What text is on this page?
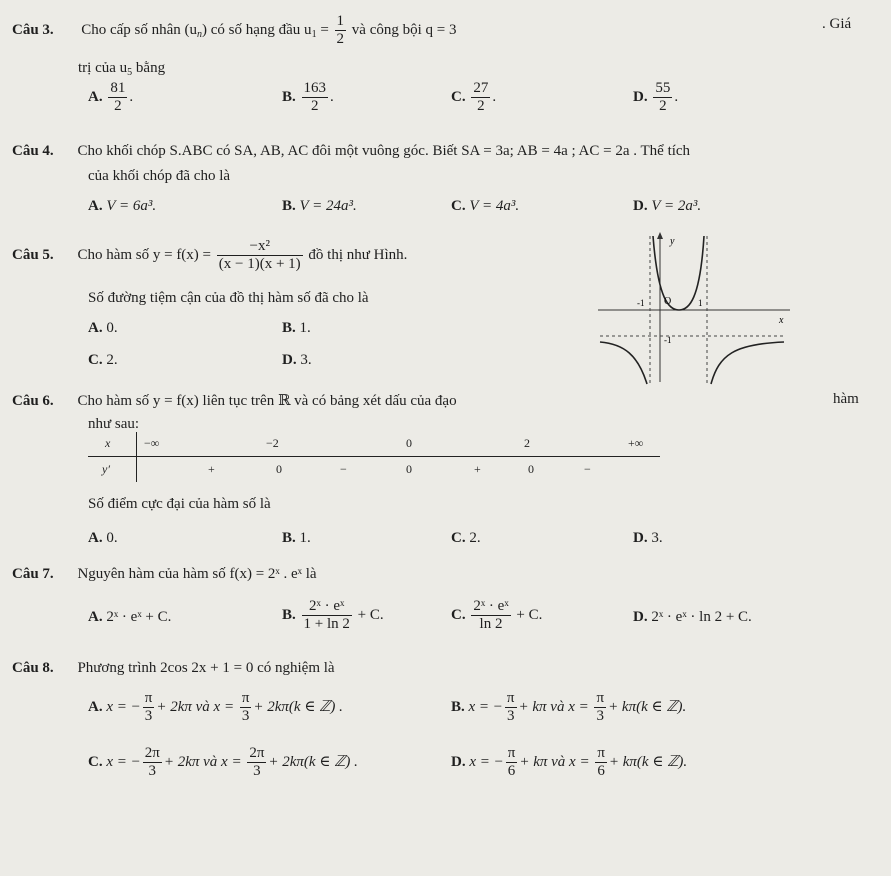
Câu 3. Cho cấp số nhân $(u_n)$ có số hạng đầu $u_1 = \frac{1}{2}$ và công bội q = 3	. Giá
trị của $u_5$ bằng
A. $\frac{81}{2}$ .	B. $\frac{163}{2}$ .	C. $\frac{27}{2}$ .	D. $\frac{55}{2}$ .
Câu 4. Cho khối chóp S.ABC có SA, AB, AC đôi một vuông góc. Biết SA = 3a; AB = 4a ; AC = 2a . Thể tích
của khối chóp đã cho là
A. V = 6a³.	B. V = 24a³.	C. V = 4a³.	D. V = 2a³.
Câu 5. Cho hàm số $y = f(x) = \frac{\text{−x²}}{(x - 1)(x + 1)}$ đồ thị như Hình.
Số đường tiệm cận của đồ thị hàm số đã cho là
A. 0.	B. 1.
C. 2.	D. 3.
y
x
O
-1	1
-1
Câu 6. Cho hàm số y = f(x) liên tục trên ℝ và có bảng xét dấu của đạo	hàm
như sau:
x	−∞	−2	0	2	+∞
y′	+	0	−	0	+	0	−
Số điểm cực đại của hàm số là
A. 0.	B. 1.	C. 2.	D. 3.
Câu 7. Nguyên hàm của hàm số f(x) = 2ˣ . eˣ là
A. 2ˣ · eˣ + C.	B. $\frac{\text{2ˣ · eˣ}}{1 + \ln 2} + C$.	C. $\frac{\text{2ˣ · eˣ}}{\ln 2} + C$.	D. 2ˣ · eˣ · ln 2 + C.
Câu 8. Phương trình 2cos 2x + 1 = 0 có nghiệm là
A. x = − $\frac{\pi}{3} + 2k\pi$ và $x = \frac{\pi}{3} + 2k\pi(k$ ∈ ℤ) .	B. x = − $\frac{\pi}{3} + k\pi$ và $x = \frac{\pi}{3} + k\pi(k$ ∈ ℤ).
C. x = − $\frac{2\pi}{3} + 2k\pi$ và $x = \frac{2\pi}{3} + 2k\pi(k$ ∈ ℤ) .	D. x = − $\frac{\pi}{6} + k\pi$ và $x = \frac{\pi}{6} + k\pi(k$ ∈ ℤ).
